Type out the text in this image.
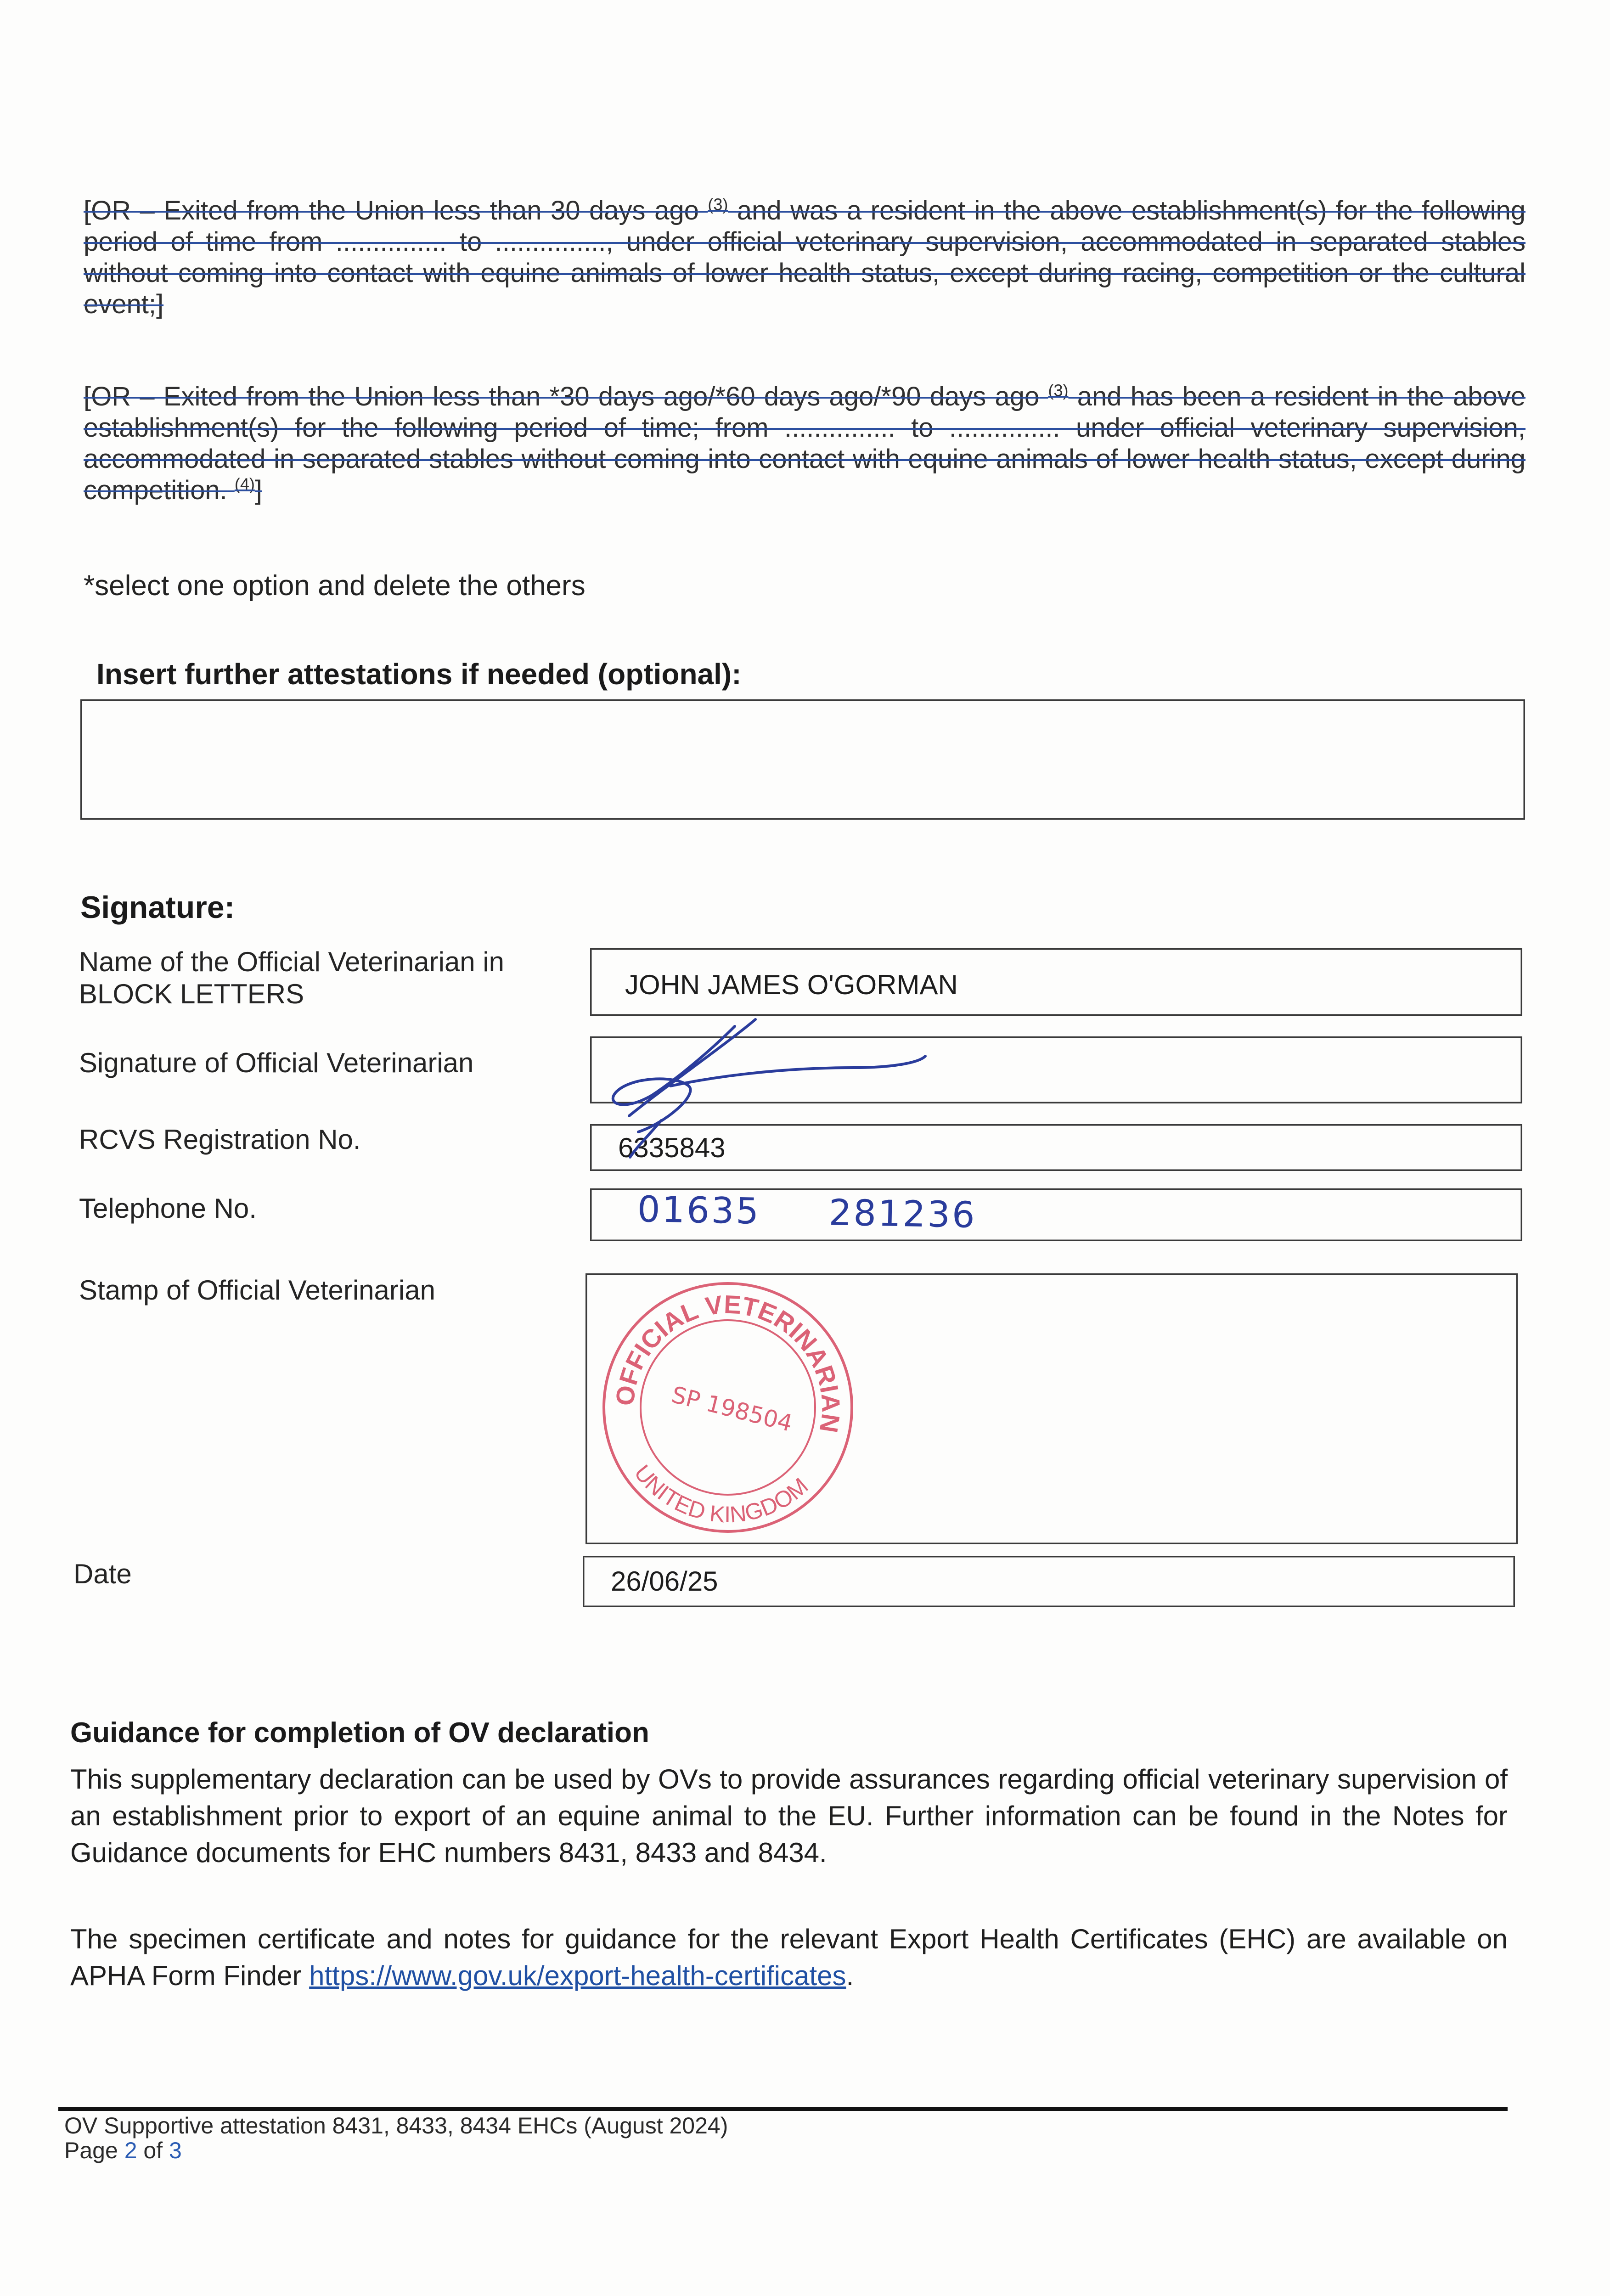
[OR – Exited from the Union less than 30 days ago $^{(3)}$ and was a resident in the above establishment(s) for the following period of time from ............... to ..............., under official veterinary supervision, accommodated in separated stables without coming into contact with equine animals of lower health status, except during racing, competition or the cultural event;]

[OR – Exited from the Union less than *30 days ago/*60 days ago/*90 days ago $^{(3)}$ and has been a resident in the above establishment(s) for the following period of time; from ............... to ............... under official veterinary supervision, accommodated in separated stables without coming into contact with equine animals of lower health status, except during competition. $^{(4)}$]

*select one option and delete the others
Insert further attestations if needed (optional):
Signature:
Name of the Official Veterinarian in BLOCK LETTERS	JOHN JAMES O'GORMAN
Signature of Official Veterinarian
RCVS Registration No.	6335843
Telephone No.	01635 281236
Stamp of Official Veterinarian
OFFICIAL VETERINARIAN
UNITED KINGDOM
SP 198504
Date	26/06/25
Guidance for completion of OV declaration

This supplementary declaration can be used by OVs to provide assurances regarding official veterinary supervision of an establishment prior to export of an equine animal to the EU. Further information can be found in the Notes for Guidance documents for EHC numbers 8431, 8433 and 8434.

The specimen certificate and notes for guidance for the relevant Export Health Certificates (EHC) are available on APHA Form Finder https://www.gov.uk/export-health-certificates.

OV Supportive attestation 8431, 8433, 8434 EHCs (August 2024)
Page 2 of 3
